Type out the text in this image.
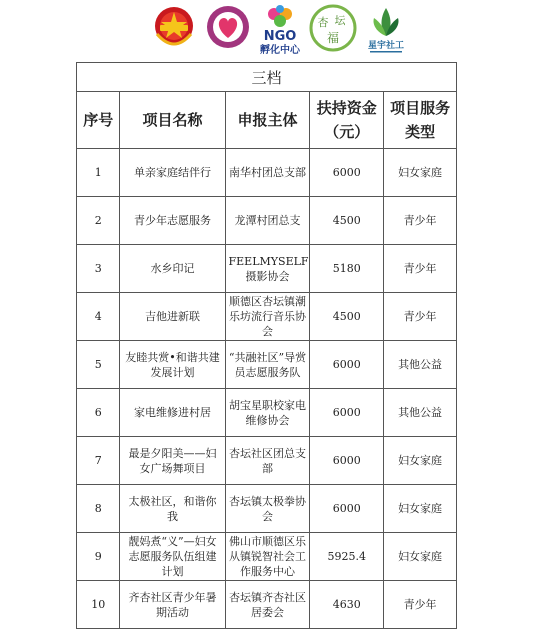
NGO
孵化中心
杏 坛
福
星宇社工
三档				
序号	项目名称	申报主体	扶持资金（元）	项目服务类型
1	单亲家庭结伴行	南华村团总支部	6000	妇女家庭
2	青少年志愿服务	龙潭村团总支	4500	青少年
3	水乡印记	FEELMYSELF 摄影协会	5180	青少年
4	吉他进新联	顺德区杏坛镇潮乐坊流行音乐协会	4500	青少年
5	友睦共赏•和谐共建发展计划	“共融社区”导赏员志愿服务队	6000	其他公益
6	家电维修进村居	胡宝星职校家电维修协会	6000	其他公益
7	最是夕阳美——妇女广场舞项目	杏坛社区团总支部	6000	妇女家庭
8	太极社区，和谐你我	杏坛镇太极拳协会	6000	妇女家庭
9	靓妈煮“义”—妇女志愿服务队伍组建计划	佛山市顺德区乐从镇锐智社会工作服务中心	5925.4	妇女家庭
10	齐杏社区青少年暑期活动	杏坛镇齐杏社区居委会	4630	青少年
